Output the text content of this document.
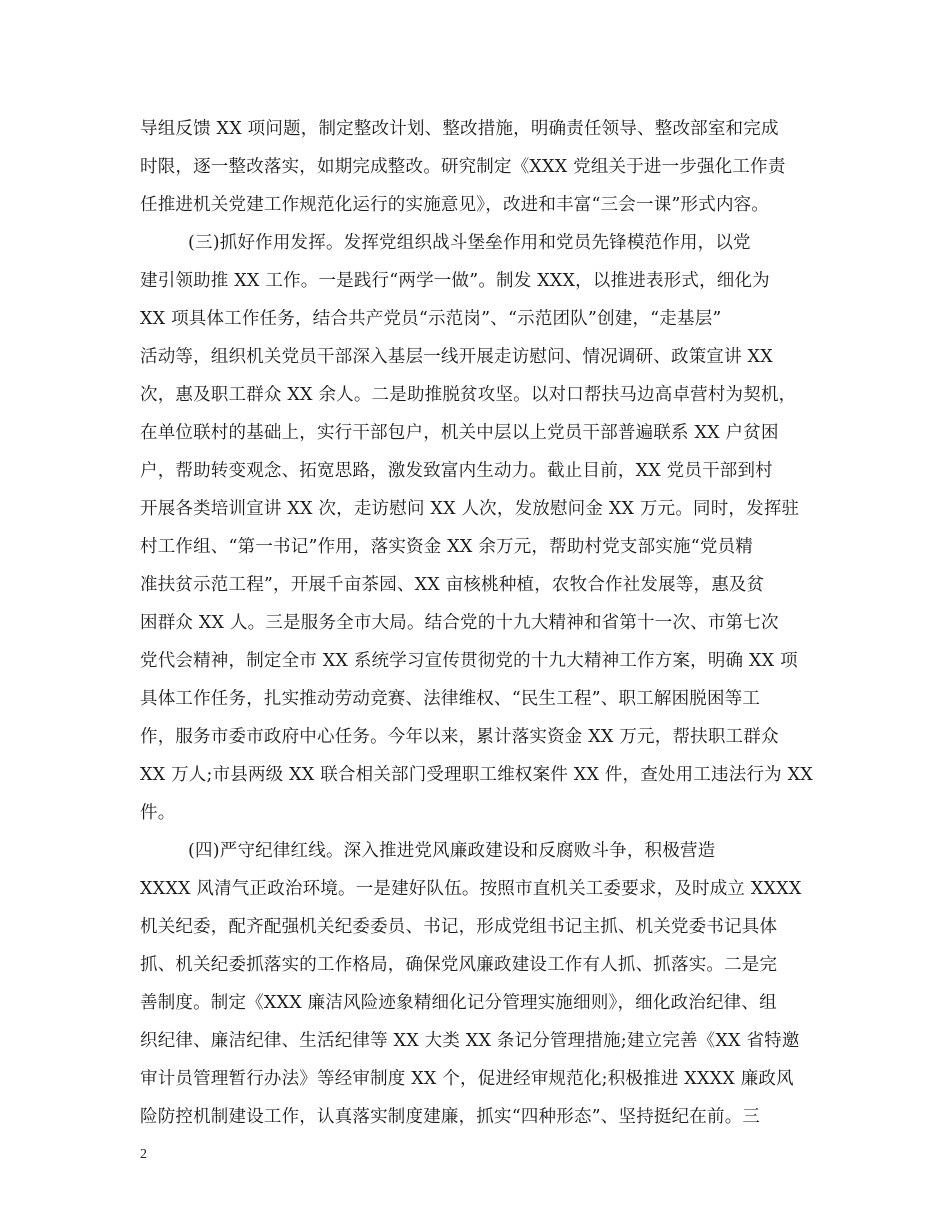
导组反馈 XX 项问题，制定整改计划、整改措施，明确责任领导、整改部室和完成
时限，逐一整改落实，如期完成整改。研究制定《XXX 党组关于进一步强化工作责
任推进机关党建工作规范化运行的实施意见》，改进和丰富“三会一课”形式内容。
(三)抓好作用发挥。发挥党组织战斗堡垒作用和党员先锋模范作用，以党
建引领助推 XX 工作。一是践行“两学一做”。制发 XXX，以推进表形式，细化为
XX 项具体工作任务，结合共产党员“示范岗”、“示范团队”创建，“走基层”
活动等，组织机关党员干部深入基层一线开展走访慰问、情况调研、政策宣讲 XX
次，惠及职工群众 XX 余人。二是助推脱贫攻坚。以对口帮扶马边高卓营村为契机，
在单位联村的基础上，实行干部包户，机关中层以上党员干部普遍联系 XX 户贫困
户，帮助转变观念、拓宽思路，激发致富内生动力。截止目前，XX 党员干部到村
开展各类培训宣讲 XX 次，走访慰问 XX 人次，发放慰问金 XX 万元。同时，发挥驻
村工作组、“第一书记”作用，落实资金 XX 余万元，帮助村党支部实施“党员精
准扶贫示范工程”，开展千亩茶园、XX 亩核桃种植，农牧合作社发展等，惠及贫
困群众 XX 人。三是服务全市大局。结合党的十九大精神和省第十一次、市第七次
党代会精神，制定全市 XX 系统学习宣传贯彻党的十九大精神工作方案，明确 XX 项
具体工作任务，扎实推动劳动竞赛、法律维权、“民生工程”、职工解困脱困等工
作，服务市委市政府中心任务。今年以来，累计落实资金 XX 万元，帮扶职工群众
XX 万人;市县两级 XX 联合相关部门受理职工维权案件 XX 件，查处用工违法行为 XX
件。
(四)严守纪律红线。深入推进党风廉政建设和反腐败斗争，积极营造
XXXX 风清气正政治环境。一是建好队伍。按照市直机关工委要求，及时成立 XXXX
机关纪委，配齐配强机关纪委委员、书记，形成党组书记主抓、机关党委书记具体
抓、机关纪委抓落实的工作格局，确保党风廉政建设工作有人抓、抓落实。二是完
善制度。制定《XXX 廉洁风险迹象精细化记分管理实施细则》，细化政治纪律、组
织纪律、廉洁纪律、生活纪律等 XX 大类 XX 条记分管理措施;建立完善《XX 省特邀
审计员管理暂行办法》等经审制度 XX 个，促进经审规范化;积极推进 XXXX 廉政风
险防控机制建设工作，认真落实制度建廉，抓实“四种形态”、坚持挺纪在前。三
2
